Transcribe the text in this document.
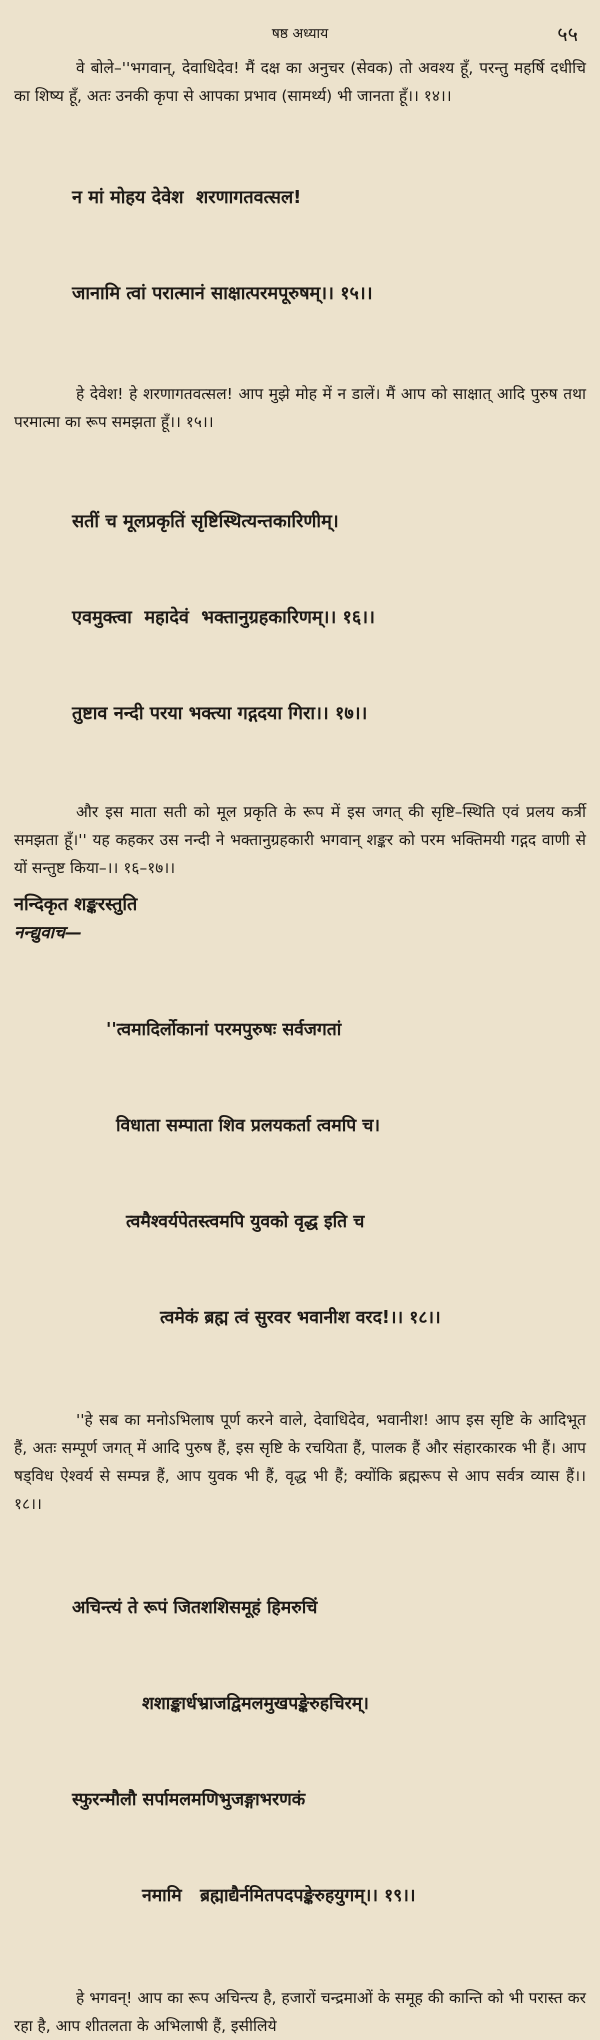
षष्ठ अध्याय	५५

वे बोले–''भगवान्, देवाधिदेव! मैं दक्ष का अनुचर (सेवक) तो अवश्य हूँ, परन्तु महर्षि दधीचि का शिष्य हूँ, अतः उनकी कृपा से आपका प्रभाव (सामर्थ्य) भी जानता हूँ।। १४।।

न मां मोहय देवेश  शरणागतवत्सल!

जानामि त्वां परात्मानं साक्षात्परमपूरुषम्।। १५।।

हे देवेश! हे शरणागतवत्सल! आप मुझे मोह में न डालें। मैं आप को साक्षात् आदि पुरुष तथा परमात्मा का रूप समझता हूँ।। १५।।

सतीं च मूलप्रकृतिं सृष्टिस्थित्यन्तकारिणीम्।

एवमुक्त्वा  महादेवं  भक्तानुग्रहकारिणम्।। १६।।

तुष्टाव नन्दी परया भक्त्या गद्गदया गिरा।। १७।।

और इस माता सती को मूल प्रकृति के रूप में इस जगत् की सृष्टि–स्थिति एवं प्रलय कर्त्री समझता हूँ।'' यह कहकर उस नन्दी ने भक्तानुग्रहकारी भगवान् शङ्कर को परम भक्तिमयी गद्गद वाणी से यों सन्तुष्ट किया–।। १६–१७।।

नन्दिकृत शङ्करस्तुति
नन्द्युवाच—

''त्वमादिर्लोकानां परमपुरुषः सर्वजगतां

विधाता सम्पाता शिव प्रलयकर्ता त्वमपि च।

त्वमैश्वर्यपेतस्त्वमपि युवको वृद्ध इति च

त्वमेकं ब्रह्म त्वं सुरवर भवानीश वरद!।। १८।।

''हे सब का मनोऽभिलाष पूर्ण करने वाले, देवाधिदेव, भवानीश! आप इस सृष्टि के आदिभूत हैं, अतः सम्पूर्ण जगत् में आदि पुरुष हैं, इस सृष्टि के रचयिता हैं, पालक हैं और संहारकारक भी हैं। आप षड्विध ऐश्वर्य से सम्पन्न हैं, आप युवक भी हैं, वृद्ध भी हैं; क्योंकि ब्रह्मरूप से आप सर्वत्र व्यास हैं।। १८।।

अचिन्त्यं ते रूपं जितशशिसमूहं हिमरुचिं

शशाङ्कार्धभ्राजद्विमलमुखपङ्केरुहचिरम्।

स्फुरन्मौलौ सर्पामलमणिभुजङ्गाभरणकं

नमामि   ब्रह्माद्यैर्नमितपदपङ्केरुहयुगम्।। १९।।

हे भगवन्! आप का रूप अचिन्त्य है, हजारों चन्द्रमाओं के समूह की कान्ति को भी परास्त कर रहा है, आप शीतलता के अभिलाषी हैं, इसीलिये
